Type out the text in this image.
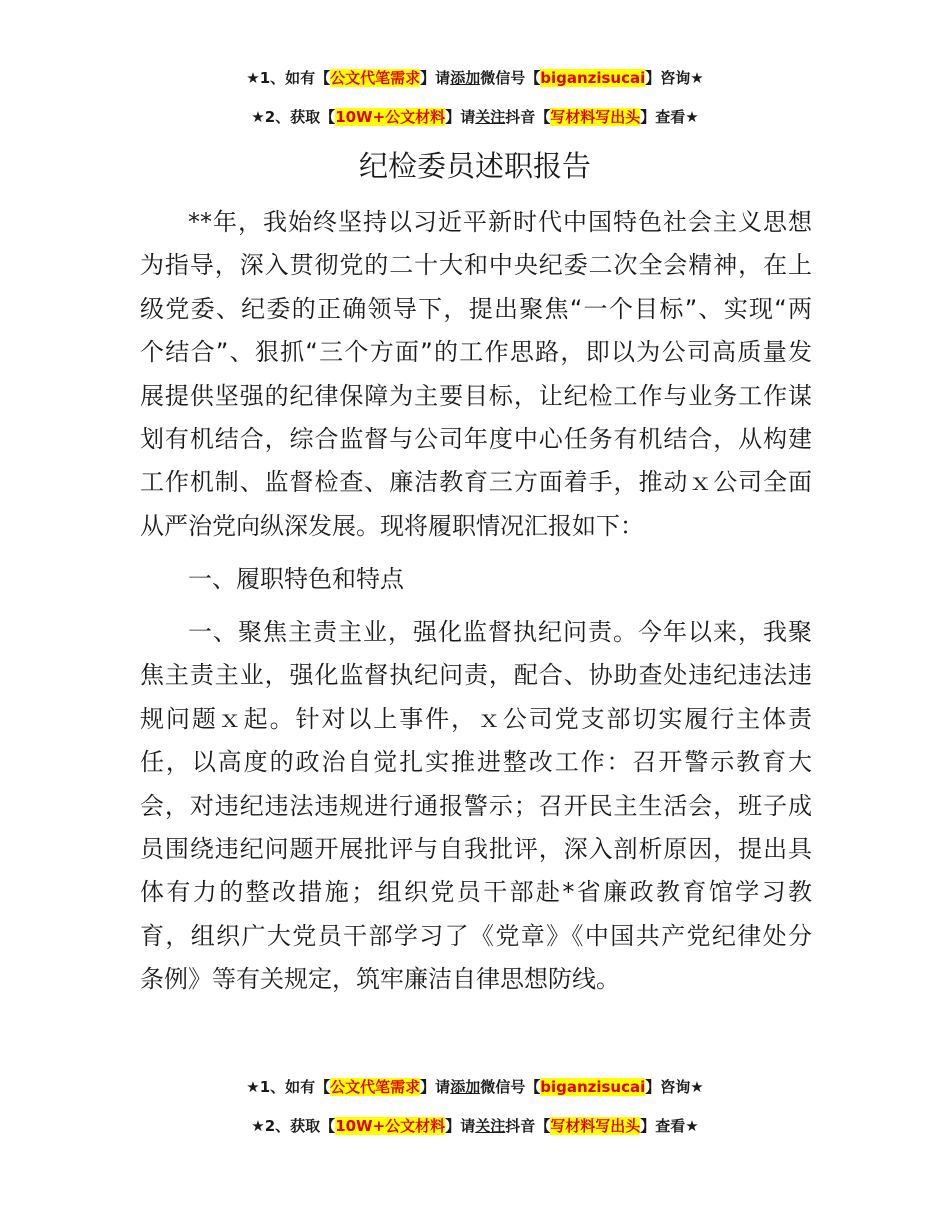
★1、如有【公文代笔需求】请添加微信号【biganzisucai】咨询★
★2、获取【10W+公文材料】请关注抖音【写材料写出头】查看★
纪检委员述职报告
**年，我始终坚持以习近平新时代中国特色社会主义思想
为指导，深入贯彻党的二十大和中央纪委二次全会精神，在上
级党委、纪委的正确领导下，提出聚焦“一个目标”、实现“两
个结合”、狠抓“三个方面”的工作思路，即以为公司高质量发
展提供坚强的纪律保障为主要目标，让纪检工作与业务工作谋
划有机结合，综合监督与公司年度中心任务有机结合，从构建
工作机制、监督检查、廉洁教育三方面着手，推动ｘ公司全面
从严治党向纵深发展。现将履职情况汇报如下：
一、履职特色和特点
一、聚焦主责主业，强化监督执纪问责。今年以来，我聚
焦主责主业，强化监督执纪问责，配合、协助查处违纪违法违
规问题ｘ起。针对以上事件，ｘ公司党支部切实履行主体责
任，以高度的政治自觉扎实推进整改工作：召开警示教育大
会，对违纪违法违规进行通报警示；召开民主生活会，班子成
员围绕违纪问题开展批评与自我批评，深入剖析原因，提出具
体有力的整改措施；组织党员干部赴*省廉政教育馆学习教
育，组织广大党员干部学习了《党章》《中国共产党纪律处分
条例》等有关规定，筑牢廉洁自律思想防线。
★1、如有【公文代笔需求】请添加微信号【biganzisucai】咨询★
★2、获取【10W+公文材料】请关注抖音【写材料写出头】查看★
